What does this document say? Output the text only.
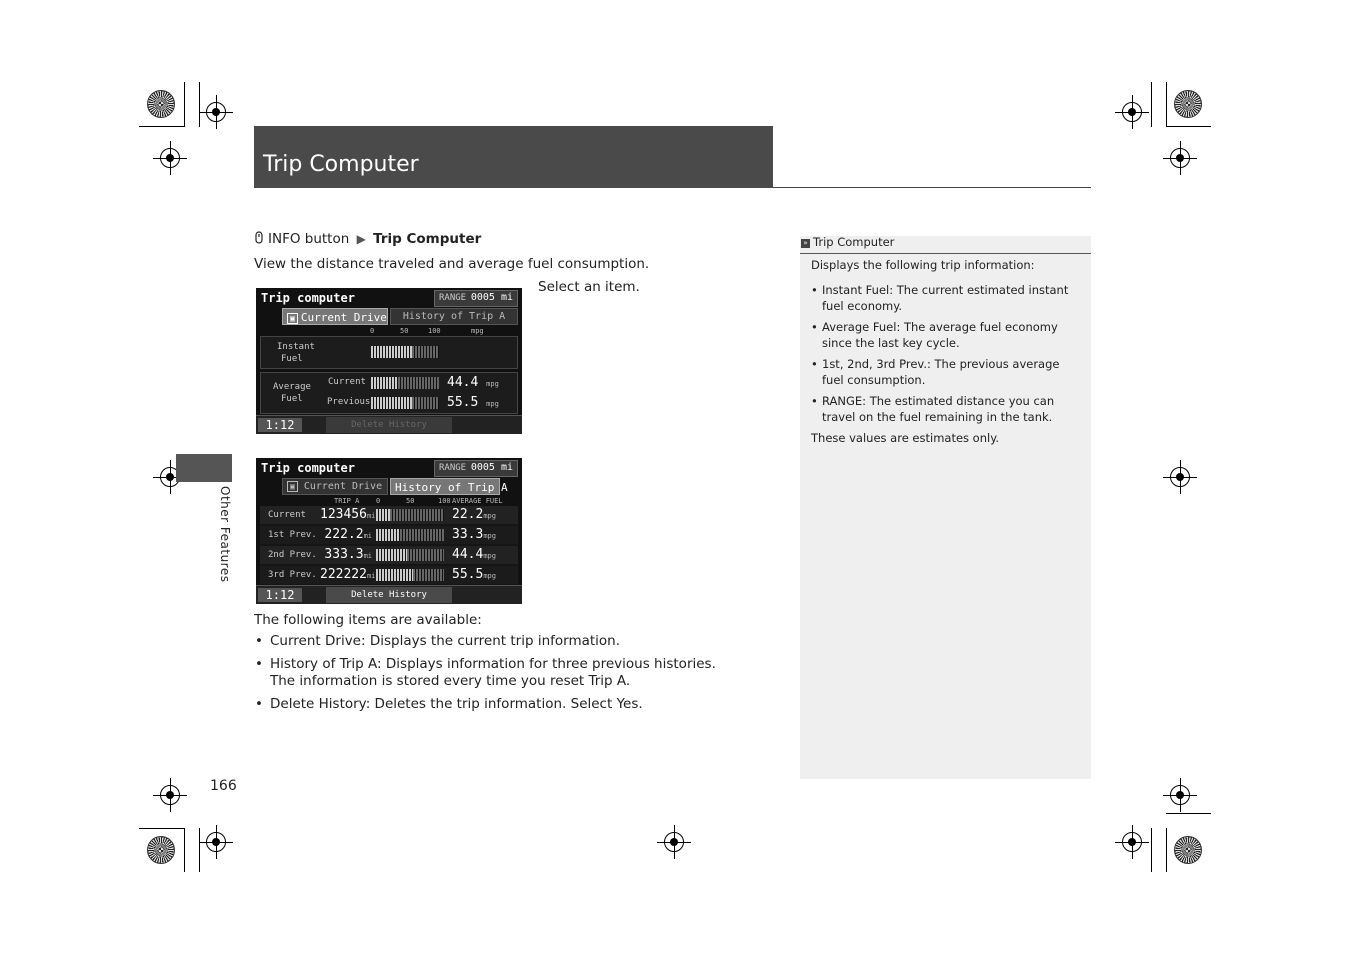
Trip Computer
Other Features
INFO button ▶ Trip Computer
View the distance traveled and average fuel consumption.
Select an item.
Trip computer	RANGE 0005 mi
▣ Current Drive	History of Trip A
0	50	100	mpg
Instant
Fuel
Average
Fuel
Current	44.4 mpg
Previous	55.5 mpg
1:12	Delete History
Trip computer	RANGE 0005 mi
▣ Current Drive	History of Trip A
TRIP A 0	50	100 AVERAGE FUEL
Current 123456mi	22.2mpg
1st Prev. 222.2mi	33.3mpg
2nd Prev. 333.3mi	44.4mpg
3rd Prev. 222222mi	55.5mpg
1:12	Delete History
The following items are available:
• Current Drive: Displays the current trip information.
• History of Trip A: Displays information for three previous histories. The information is stored every time you reset Trip A.
• Delete History: Deletes the trip information. Select Yes.
» Trip Computer
Displays the following trip information:
• Instant Fuel: The current estimated instant fuel economy.
• Average Fuel: The average fuel economy since the last key cycle.
• 1st, 2nd, 3rd Prev.: The previous average fuel consumption.
• RANGE: The estimated distance you can travel on the fuel remaining in the tank.
These values are estimates only.
166
